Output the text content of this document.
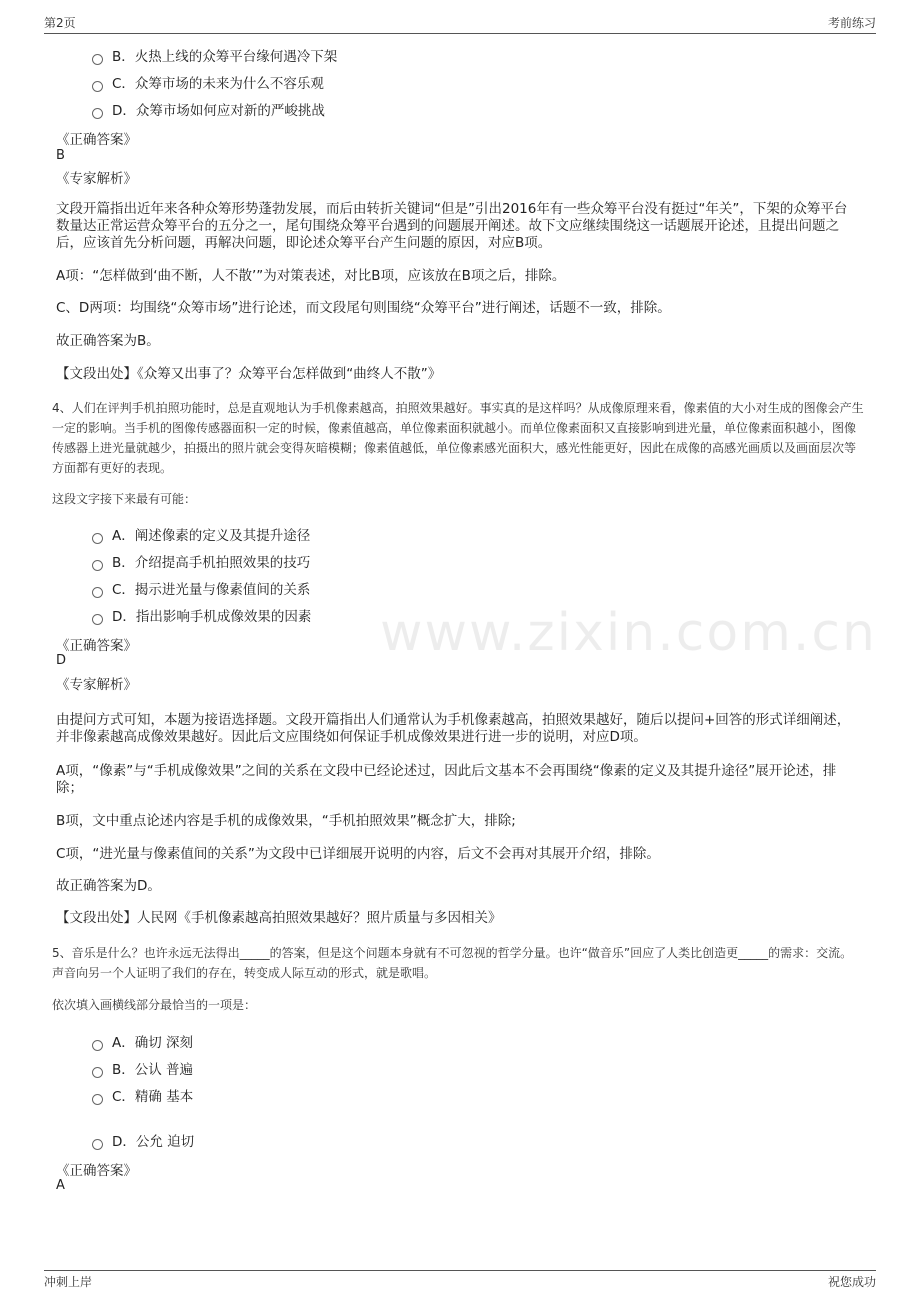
第2页	考前练习
B．火热上线的众筹平台缘何遇冷下架
C．众筹市场的未来为什么不容乐观
D．众筹市场如何应对新的严峻挑战
《正确答案》
B
《专家解析》
文段开篇指出近年来各种众筹形势蓬勃发展，而后由转折关键词“但是”引出2016年有一些众筹平台没有挺过“年关”，下架的众筹平台数量达正常运营众筹平台的五分之一，尾句围绕众筹平台遇到的问题展开阐述。故下文应继续围绕这一话题展开论述，且提出问题之后，应该首先分析问题，再解决问题，即论述众筹平台产生问题的原因，对应B项。
A项：“怎样做到‘曲不断，人不散’”为对策表述，对比B项，应该放在B项之后，排除。
C、D两项：均围绕“众筹市场”进行论述，而文段尾句则围绕“众筹平台”进行阐述，话题不一致，排除。
故正确答案为B。
【文段出处】《众筹又出事了？众筹平台怎样做到“曲终人不散”》
4、人们在评判手机拍照功能时，总是直观地认为手机像素越高，拍照效果越好。事实真的是这样吗？从成像原理来看，像素值的大小对生成的图像会产生一定的影响。当手机的图像传感器面积一定的时候，像素值越高，单位像素面积就越小。而单位像素面积又直接影响到进光量，单位像素面积越小，图像传感器上进光量就越少，拍摄出的照片就会变得灰暗模糊；像素值越低，单位像素感光面积大，感光性能更好，因此在成像的高感光画质以及画面层次等方面都有更好的表现。
这段文字接下来最有可能：
A．阐述像素的定义及其提升途径
B．介绍提高手机拍照效果的技巧
C．揭示进光量与像素值间的关系
D．指出影响手机成像效果的因素
《正确答案》
D
《专家解析》
由提问方式可知，本题为接语选择题。文段开篇指出人们通常认为手机像素越高，拍照效果越好，随后以提问+回答的形式详细阐述，并非像素越高成像效果越好。因此后文应围绕如何保证手机成像效果进行进一步的说明，对应D项。
A项，“像素”与“手机成像效果”之间的关系在文段中已经论述过，因此后文基本不会再围绕“像素的定义及其提升途径”展开论述，排除；
B项，文中重点论述内容是手机的成像效果，“手机拍照效果”概念扩大，排除;
C项，“进光量与像素值间的关系”为文段中已详细展开说明的内容，后文不会再对其展开介绍，排除。
故正确答案为D。
【文段出处】人民网《手机像素越高拍照效果越好？照片质量与多因相关》
5、音乐是什么？也许永远无法得出_____的答案，但是这个问题本身就有不可忽视的哲学分量。也许“做音乐”回应了人类比创造更_____的需求：交流。声音向另一个人证明了我们的存在，转变成人际互动的形式，就是歌唱。
依次填入画横线部分最恰当的一项是：
A．确切 深刻
B．公认 普遍
C．精确 基本
D．公允 迫切
《正确答案》
A
www.zixin.com.cn
冲刺上岸	祝您成功
